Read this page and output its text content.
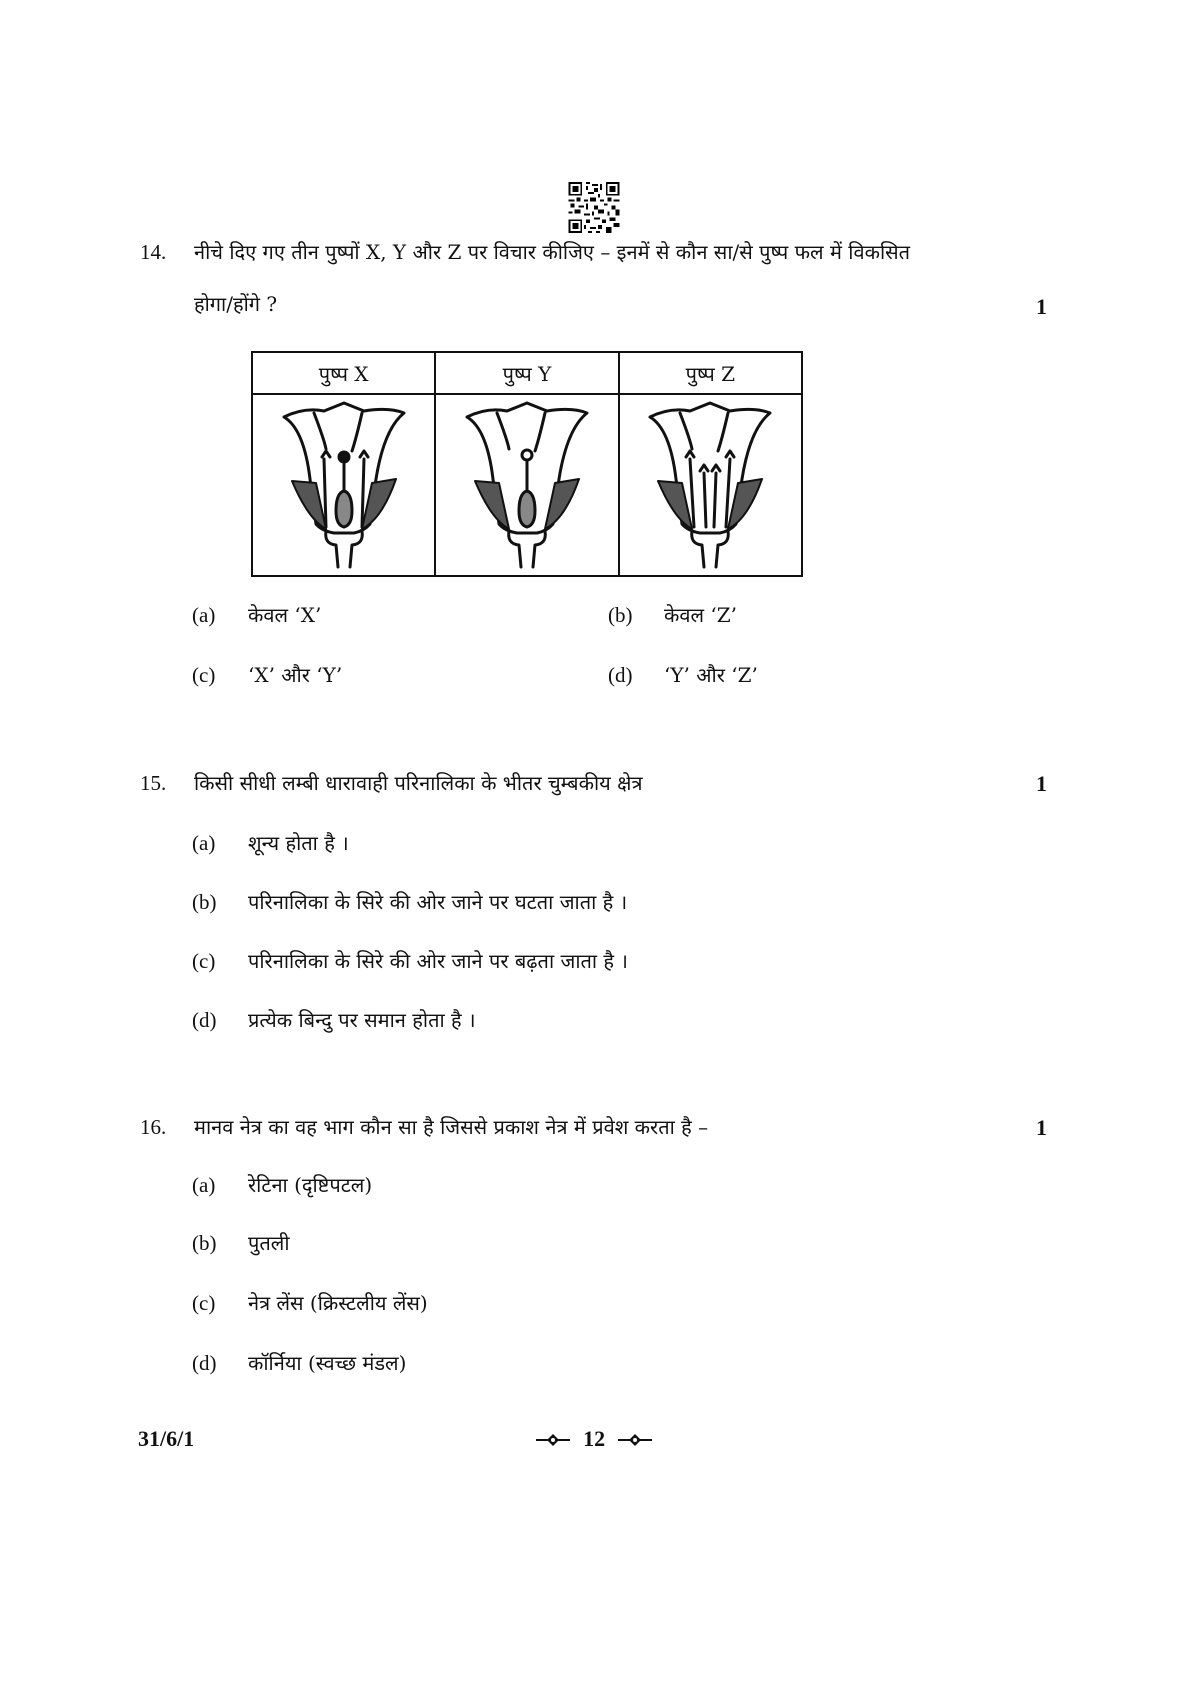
14. नीचे दिए गए तीन पुष्पों X, Y और Z पर विचार कीजिए – इनमें से कौन सा/से पुष्प फल में विकसित
होगा/होंगे ?	1
पुष्प X	पुष्प Y	पुष्प Z

(a) केवल ‘X’	(b) केवल ‘Z’
(c) ‘X’ और ‘Y’	(d) ‘Y’ और ‘Z’
15. किसी सीधी लम्बी धारावाही परिनालिका के भीतर चुम्बकीय क्षेत्र	1
(a) शून्य होता है ।
(b) परिनालिका के सिरे की ओर जाने पर घटता जाता है ।
(c) परिनालिका के सिरे की ओर जाने पर बढ़ता जाता है ।
(d) प्रत्येक बिन्दु पर समान होता है ।
16. मानव नेत्र का वह भाग कौन सा है जिससे प्रकाश नेत्र में प्रवेश करता है –	1
(a) रेटिना (दृष्टिपटल)
(b) पुतली
(c) नेत्र लेंस (क्रिस्टलीय लेंस)
(d) कॉर्निया (स्वच्छ मंडल)
31/6/1	12
